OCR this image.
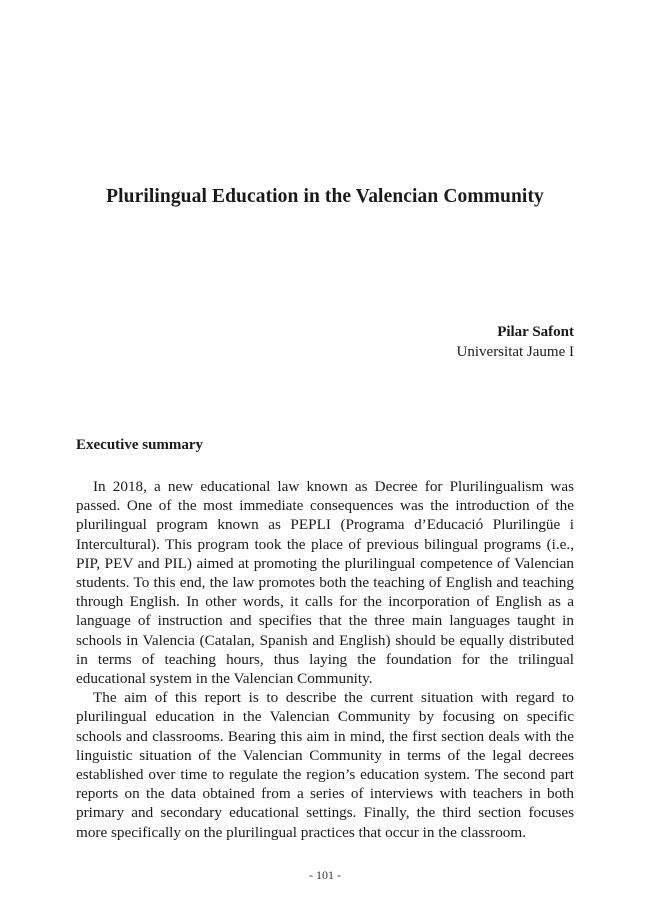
Plurilingual Education in the Valencian Community
Pilar Safont
Universitat Jaume I
Executive summary

In 2018, a new educational law known as Decree for Plurilingualism was passed. One of the most immediate consequences was the introduction of the plurilingual program known as PEPLI (Programa d’Educació Plurilingüe i Intercultural). This program took the place of previous bilingual programs (i.e., PIP, PEV and PIL) aimed at promoting the plurilingual competence of Valencian students. To this end, the law promotes both the teaching of English and teaching through English. In other words, it calls for the incorporation of English as a language of instruction and specifies that the three main languages taught in schools in Valencia (Catalan, Spanish and English) should be equally distributed in terms of teaching hours, thus laying the foundation for the trilingual educational system in the Valencian Community.

The aim of this report is to describe the current situation with regard to plurilingual education in the Valencian Community by focusing on specific schools and classrooms. Bearing this aim in mind, the first section deals with the linguistic situation of the Valencian Community in terms of the legal decrees established over time to regulate the region’s education system. The second part reports on the data obtained from a series of interviews with teachers in both primary and secondary educational settings. Finally, the third section focuses more specifically on the plurilingual practices that occur in the classroom.

- 101 -
